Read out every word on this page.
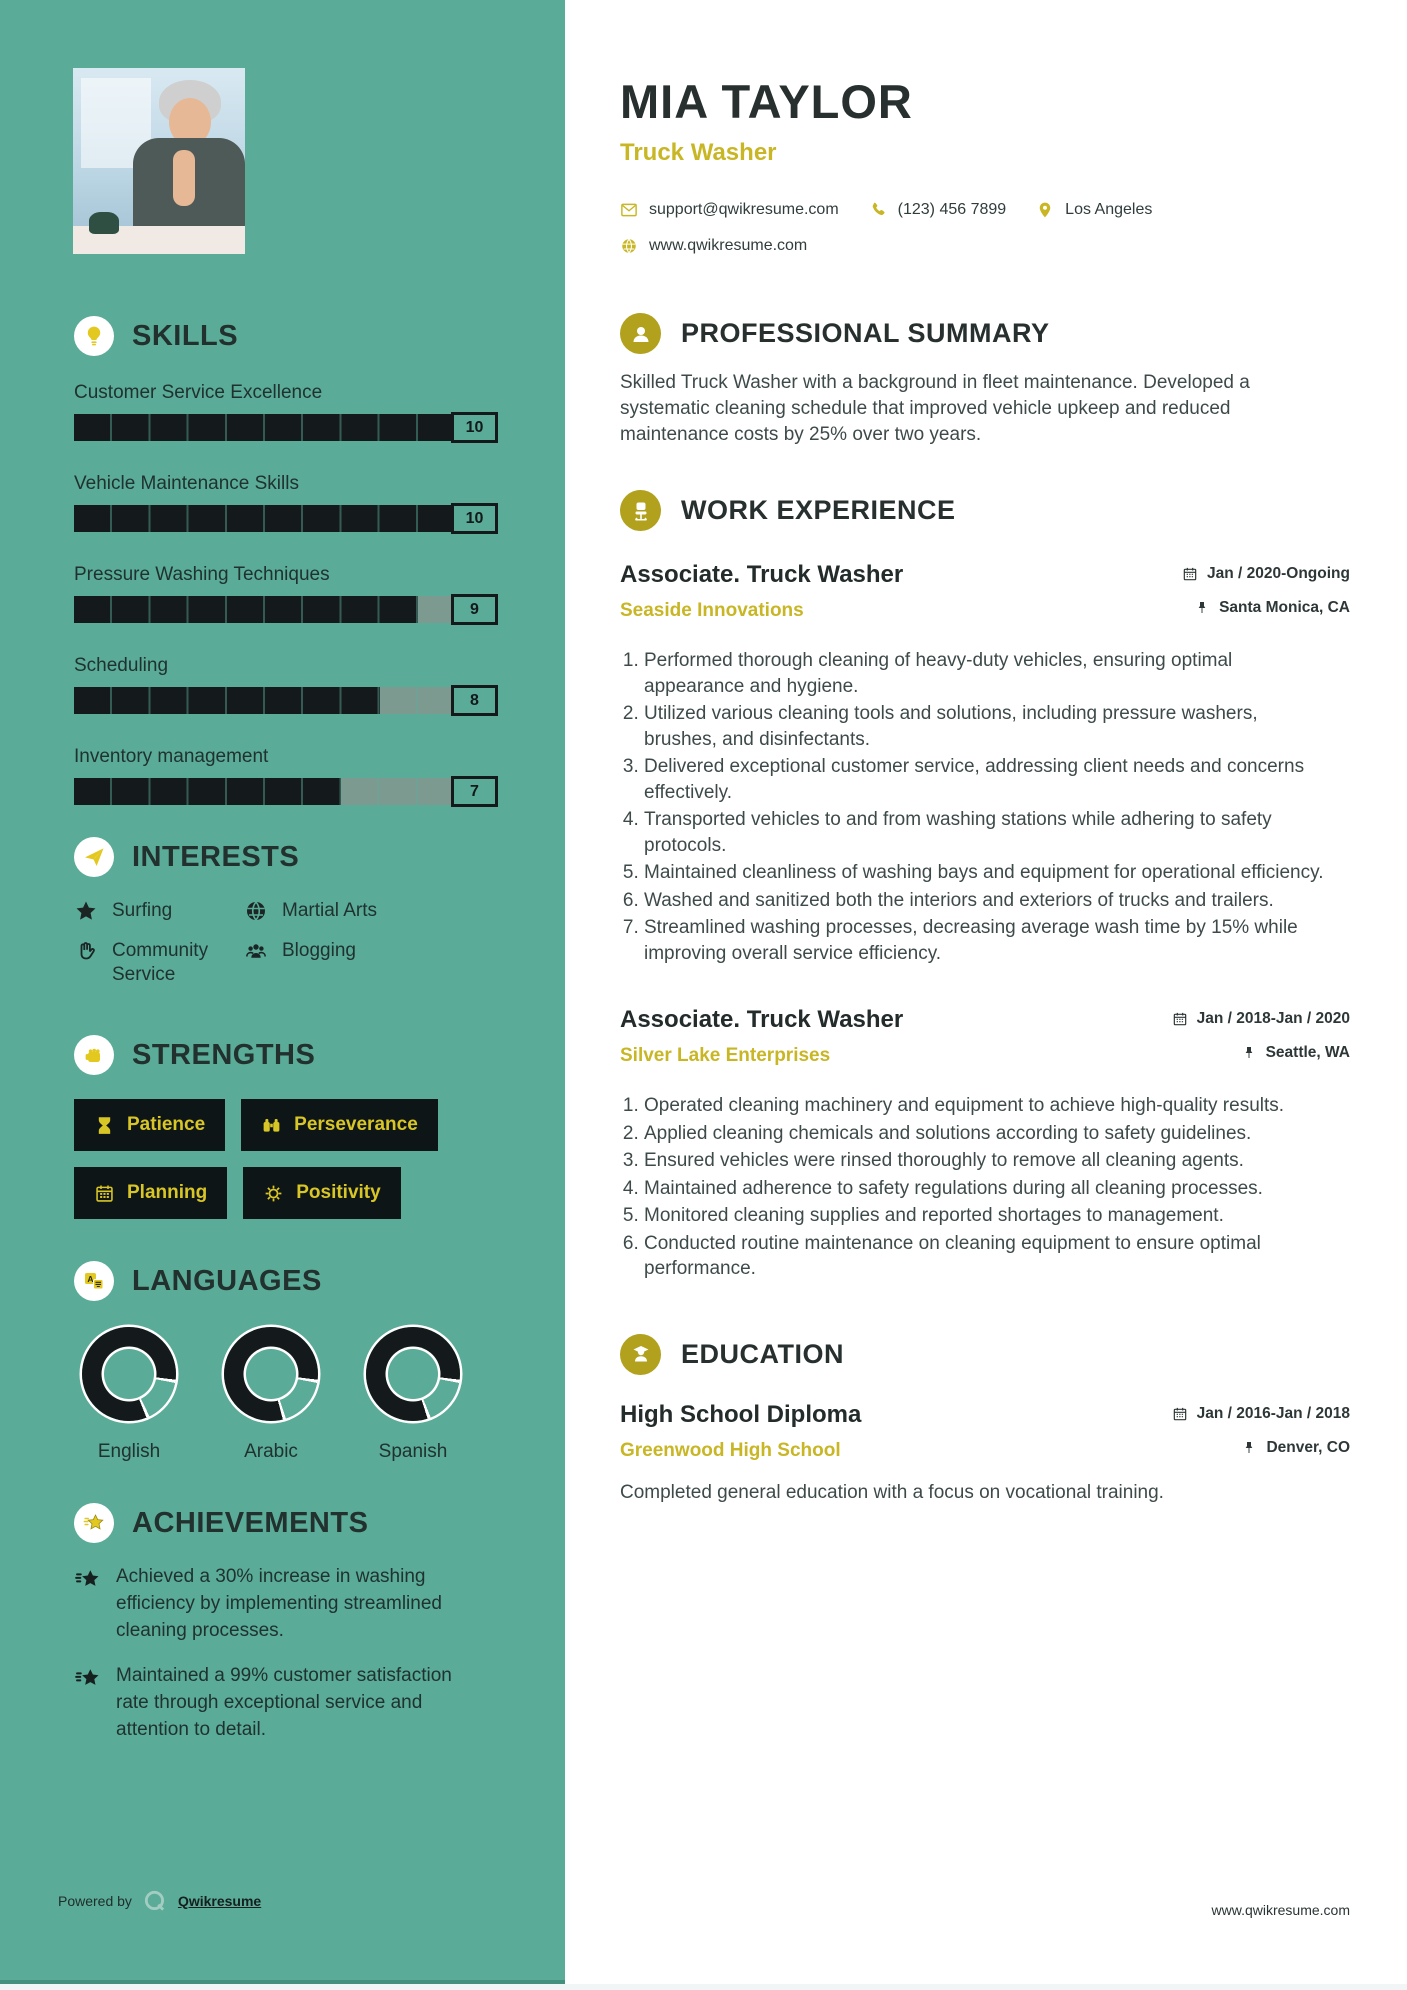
SKILLS
Customer Service Excellence
10
Vehicle Maintenance Skills
10
Pressure Washing Techniques
9
Scheduling
8
Inventory management
7
INTERESTS
Surfing	Martial Arts
Community Service
Blogging
STRENGTHS
Patience	Perseverance
Planning	Positivity
A LANGUAGES
English	Arabic	Spanish
ACHIEVEMENTS

Achieved a 30% increase in washing efficiency by implementing streamlined cleaning processes.

Maintained a 99% customer satisfaction rate through exceptional service and attention to detail.

Powered by	Qwikresume
MIA TAYLOR
Truck Washer
support@qwikresume.com	(123) 456 7899	Los Angeles
www.qwikresume.com
PROFESSIONAL SUMMARY

Skilled Truck Washer with a background in fleet maintenance. Developed a systematic cleaning schedule that improved vehicle upkeep and reduced maintenance costs by 25% over two years.

WORK EXPERIENCE
Associate. Truck Washer	Jan / 2020-Ongoing
Seaside Innovations	Santa Monica, CA
1. Performed thorough cleaning of heavy-duty vehicles, ensuring optimal appearance and hygiene.
2. Utilized various cleaning tools and solutions, including pressure washers, brushes, and disinfectants.
3. Delivered exceptional customer service, addressing client needs and concerns effectively.
4. Transported vehicles to and from washing stations while adhering to safety protocols.
5. Maintained cleanliness of washing bays and equipment for operational efficiency.
6. Washed and sanitized both the interiors and exteriors of trucks and trailers.
7. Streamlined washing processes, decreasing average wash time by 15% while improving overall service efficiency.
Associate. Truck Washer	Jan / 2018-Jan / 2020
Silver Lake Enterprises	Seattle, WA
1. Operated cleaning machinery and equipment to achieve high-quality results.
2. Applied cleaning chemicals and solutions according to safety guidelines.
3. Ensured vehicles were rinsed thoroughly to remove all cleaning agents.
4. Maintained adherence to safety regulations during all cleaning processes.
5. Monitored cleaning supplies and reported shortages to management.
6. Conducted routine maintenance on cleaning equipment to ensure optimal performance.
EDUCATION
High School Diploma	Jan / 2016-Jan / 2018
Greenwood High School	Denver, CO

Completed general education with a focus on vocational training.

www.qwikresume.com
